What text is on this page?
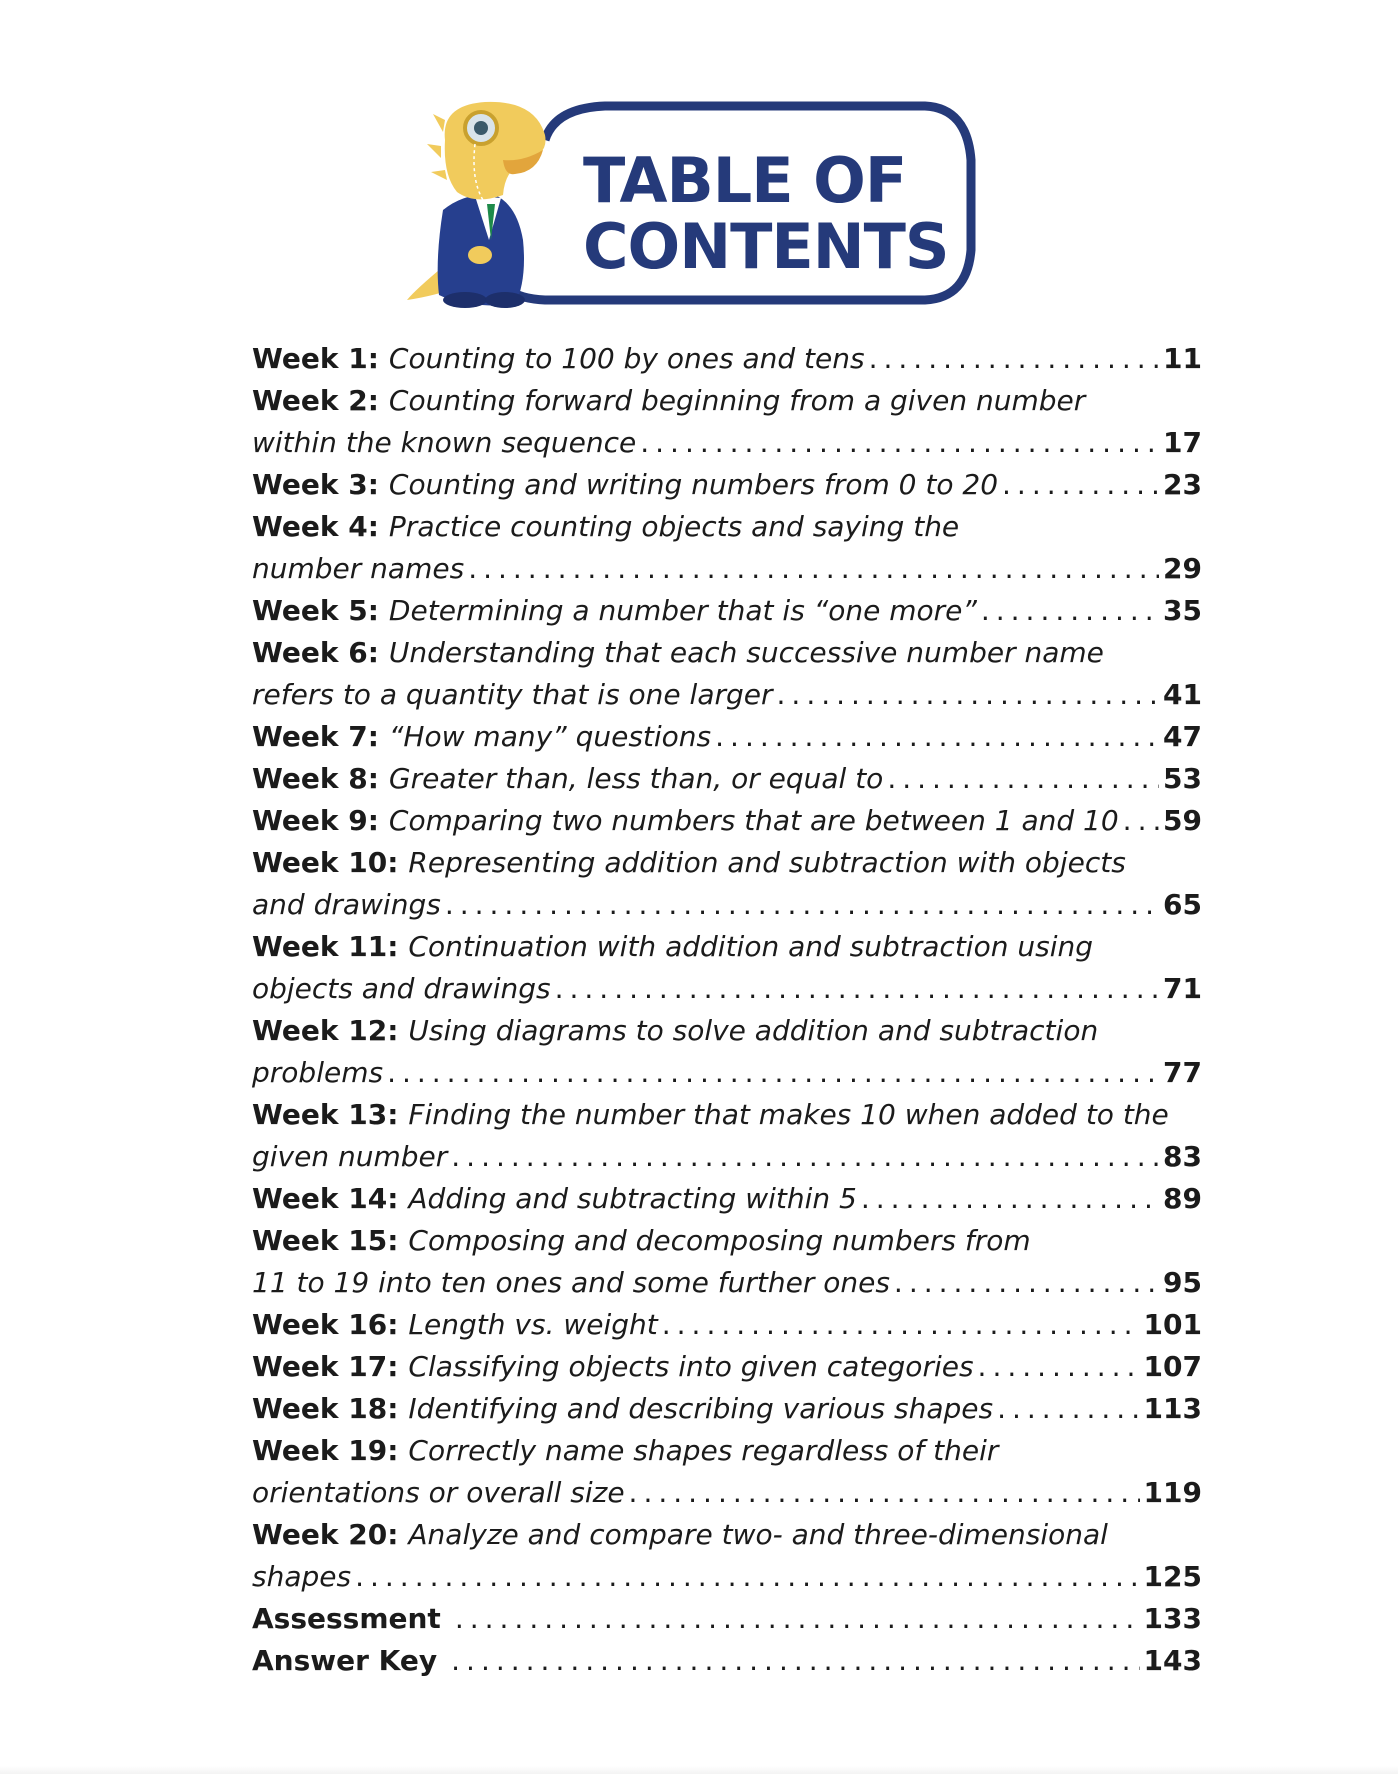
TABLE OF
CONTENTS
Week 1: Counting to 100 by ones and tens .....	11
Week 2: Counting forward beginning from a given number
within the known sequence .....	17
Week 3: Counting and writing numbers from 0 to 20 .....	23
Week 4: Practice counting objects and saying the
number names .....	29
Week 5: Determining a number that is “one more” .....	35
Week 6: Understanding that each successive number name
refers to a quantity that is one larger .....	41
Week 7: “How many” questions .....	47
Week 8: Greater than, less than, or equal to .....	53
Week 9: Comparing two numbers that are between 1 and 10 ..... 59
Week 10: Representing addition and subtraction with objects
and drawings .....	65
Week 11: Continuation with addition and subtraction using
objects and drawings .....	71
Week 12: Using diagrams to solve addition and subtraction
problems .....	77
Week 13: Finding the number that makes 10 when added to the
given number .....	83
Week 14: Adding and subtracting within 5 .....	89
Week 15: Composing and decomposing numbers from
11 to 19 into ten ones and some further ones .....	95
Week 16: Length vs. weight .....	101
Week 17: Classifying objects into given categories .....	107
Week 18: Identifying and describing various shapes .....	113
Week 19: Correctly name shapes regardless of their
orientations or overall size .....	119
Week 20: Analyze and compare two- and three-dimensional
shapes .....	125
Assessment .....	133
Answer Key .....	143
